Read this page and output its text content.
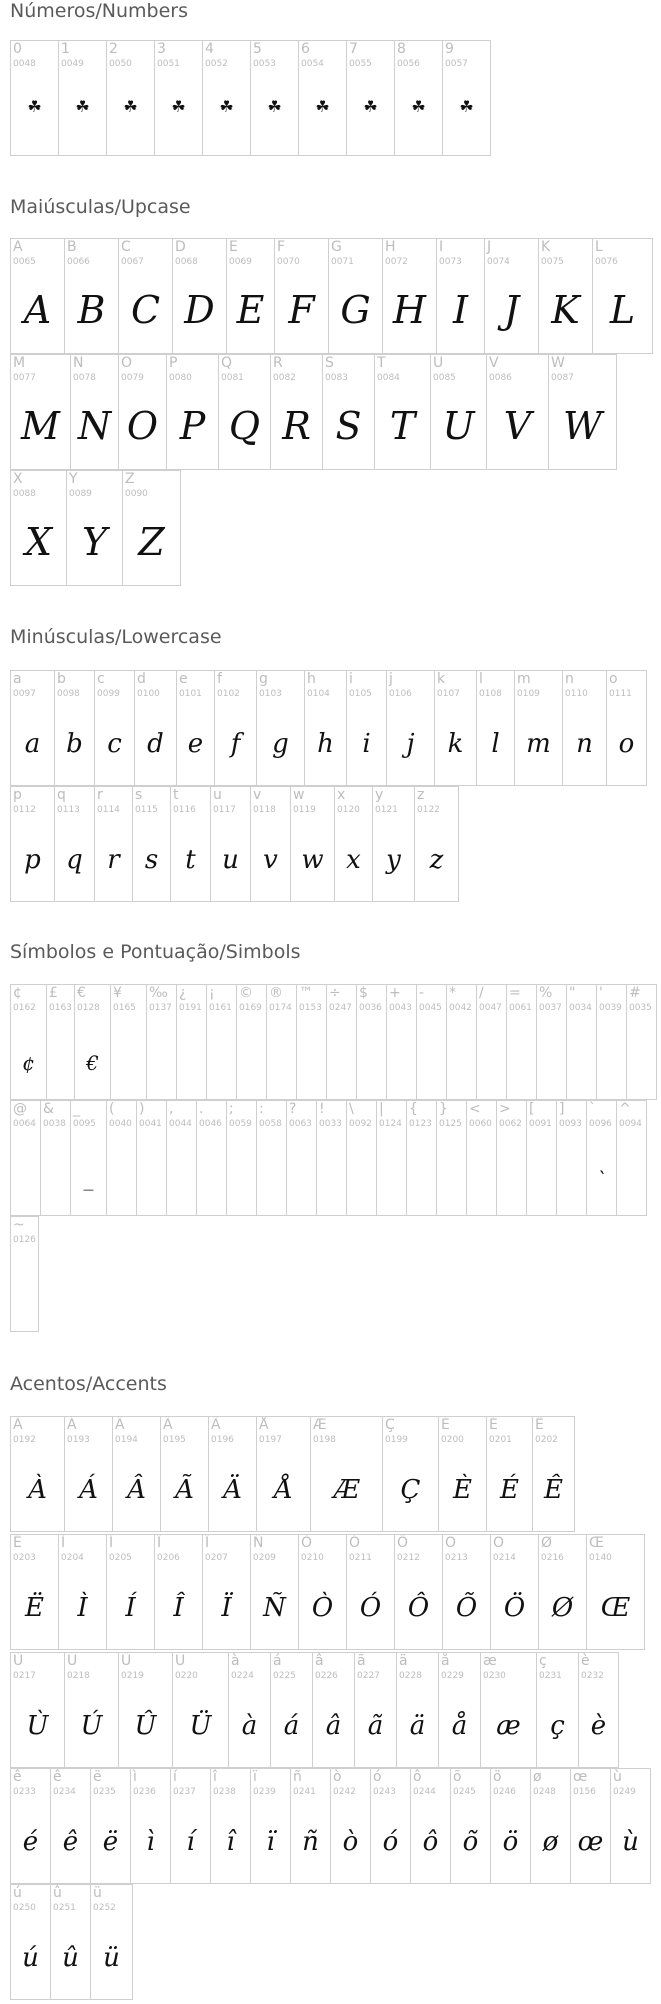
Números/Numbers
0
0048
☘
1
0049
☘
2
0050
☘
3
0051
☘
4
0052
☘
5
0053
☘
6
0054
☘
7
0055
☘
8
0056
☘
9
0057
☘
Maiúsculas/Upcase
A
0065
A
B
0066
B
C
0067
C
D
0068
D
E
0069
E
F
0070
F
G
0071
G
H
0072
H
I
0073
I
J
0074
J
K
0075
K
L
0076
L
M
0077
M
N
0078
N
O
0079
O
P
0080
P
Q
0081
Q
R
0082
R
S
0083
S
T
0084
T
U
0085
U
V
0086
V
W
0087
W
X
0088
X
Y
0089
Y
Z
0090
Z
Minúsculas/Lowercase
a
0097
a
b
0098
b
c
0099
c
d
0100
d
e
0101
e
f
0102
f
g
0103
g
h
0104
h
i
0105
i
j
0106
j
k
0107
k
l
0108
l
m
0109
m
n
0110
n
o
0111
o
p
0112
p
q
0113
q
r
0114
r
s
0115
s
t
0116
t
u
0117
u
v
0118
v
w
0119
w
x
0120
x
y
0121
y
z
0122
z
Símbolos e Pontuação/Simbols
¢
0162
¢
£
0163
€
0128
€
¥
0165
‰
0137
¿
0191
¡
0161
©
0169
®
0174
™
0153
÷
0247
$
0036
+
0043
-
0045
*
0042
/
0047
=
0061
%
0037
"
0034
'
0039
#
0035
@
0064
&
0038
_
0095
_
(
0040
)
0041
,
0044
.
0046
;
0059
:
0058
?
0063
!
0033
\
0092
|
0124
{
0123
}
0125
<
0060
>
0062
[
0091
]
0093
`
0096
`
^
0094
~
0126
Acentos/Accents
À
0192
À
Á
0193
Á
Â
0194
Â
Ã
0195
Ã
Ä
0196
Ä
Å
0197
Å
Æ
0198
Æ
Ç
0199
Ç
È
0200
È
É
0201
É
Ê
0202
Ê
Ë
0203
Ë
Ì
0204
Ì
Í
0205
Í
Î
0206
Î
Ï
0207
Ï
Ñ
0209
Ñ
Ò
0210
Ò
Ó
0211
Ó
Ô
0212
Ô
Õ
0213
Õ
Ö
0214
Ö
Ø
0216
Ø
Œ
0140
Œ
Ù
0217
Ù
Ú
0218
Ú
Û
0219
Û
Ü
0220
Ü
à
0224
à
á
0225
á
â
0226
â
ã
0227
ã
ä
0228
ä
å
0229
å
æ
0230
æ
ç
0231
ç
è
0232
è
ê
0233
é
ê
0234
ê
ë
0235
ë
ì
0236
ì
í
0237
í
î
0238
î
ï
0239
ï
ñ
0241
ñ
ò
0242
ò
ó
0243
ó
ô
0244
ô
õ
0245
õ
ö
0246
ö
ø
0248
ø
œ
0156
œ
ù
0249
ù
ú
0250
ú
û
0251
û
ü
0252
ü
